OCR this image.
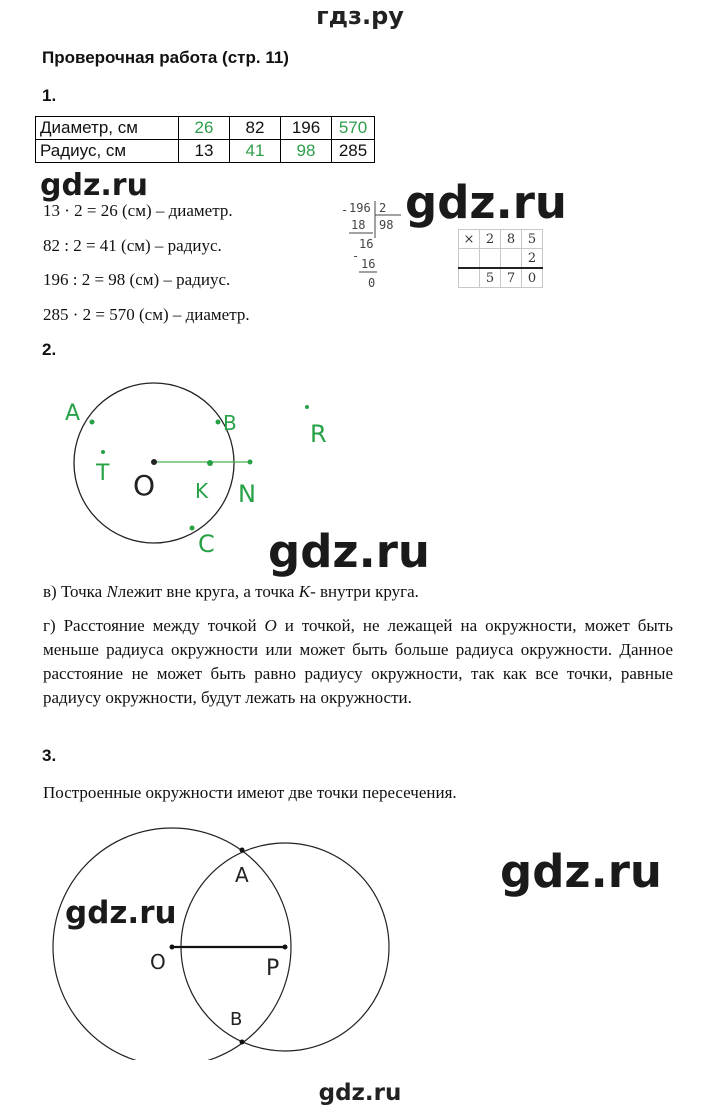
гдз.ру
gdz.ru
gdz.ru	gdz.ru
gdz.ru
gdz.ru
gdz.ru
Проверочная работа (стр. 11)
1.
Диаметр, см	26	82	196	570
Радиус, см	13	41	98	285
13 · 2 = 26 (см) – диаметр.
82 : 2 = 41 (см) – радиус.
196 : 2 = 98 (см) – радиус.
285 · 2 = 570 (см) – диаметр.
- 196 2
98
18
16
-
16
0
×	2	8	5
			2
	5	7	0
2.
A	B	R
T O K N
C
в) Точка Nлежит вне круга, а точка K- внутри круга.
г) Расстояние между точкой O и точкой, не лежащей на окружности, может быть меньше радиуса окружности или может быть больше радиуса окружности. Данное расстояние не может быть равно радиусу окружности, так как все точки, равные радиусу окружности, будут лежать на окружности.
3.
Построенные окружности имеют две точки пересечения.
A
O	P
B
